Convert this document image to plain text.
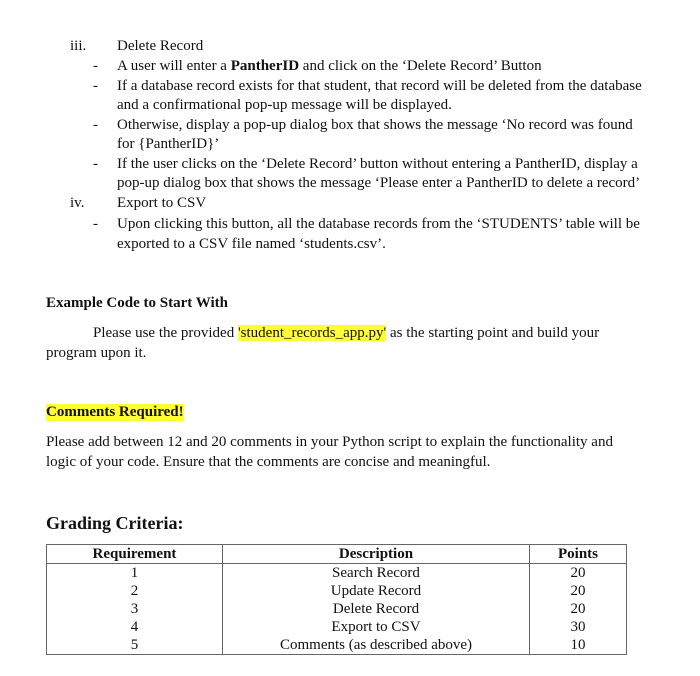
iii. Delete Record
- A user will enter a PantherID and click on the ‘Delete Record’ Button
- If a database record exists for that student, that record will be deleted from the database
and a confirmational pop-up message will be displayed.
- Otherwise, display a pop-up dialog box that shows the message ‘No record was found
for {PantherID}’
- If the user clicks on the ‘Delete Record’ button without entering a PantherID, display a
pop-up dialog box that shows the message ‘Please enter a PantherID to delete a record’
iv. Export to CSV
- Upon clicking this button, all the database records from the ‘STUDENTS’ table will be
exported to a CSV file named ‘students.csv’.
Example Code to Start With
Please use the provided 'student_records_app.py' as the starting point and build your
program upon it.
Comments Required!
Please add between 12 and 20 comments in your Python script to explain the functionality and
logic of your code. Ensure that the comments are concise and meaningful.
Grading Criteria:
Requirement	Description	Points
1	Search Record	20
2	Update Record	20
3	Delete Record	20
4	Export to CSV	30
5	Comments (as described above)	10
